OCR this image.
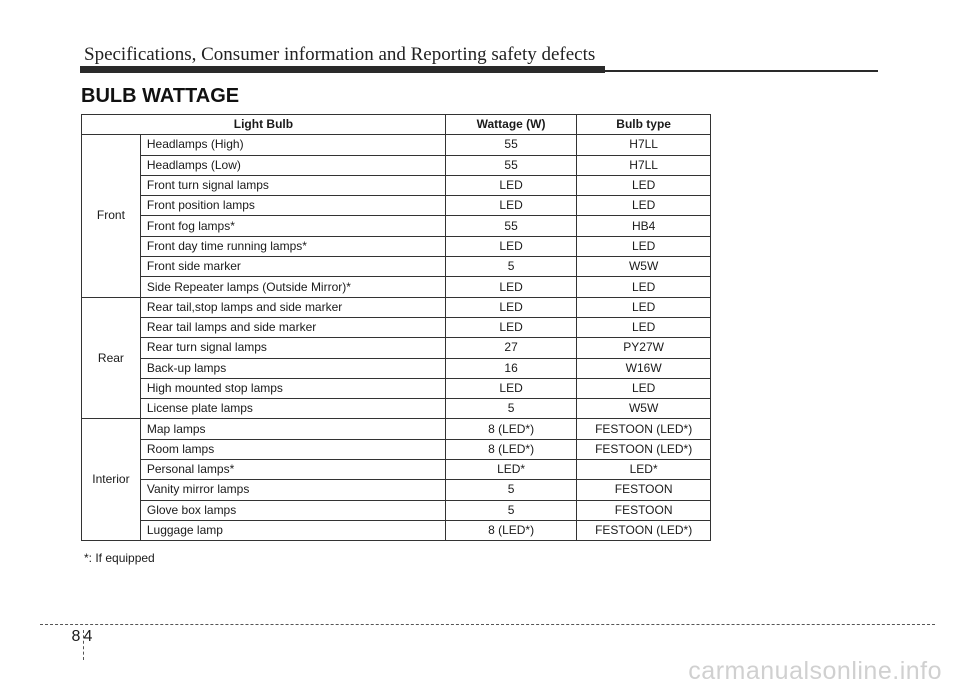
Specifications, Consumer information and Reporting safety defects
BULB WATTAGE
Light Bulb		Wattage (W)	Bulb type
Front	Headlamps (High)	55	H7LL
	Headlamps (Low)	55	H7LL
	Front turn signal lamps	LED	LED
	Front position lamps	LED	LED
	Front fog lamps*	55	HB4
	Front day time running lamps*	LED	LED
	Front side marker	5	W5W
	Side Repeater lamps (Outside Mirror)*	LED	LED
Rear	Rear tail,stop lamps and side marker	LED	LED
	Rear tail lamps and side marker	LED	LED
	Rear turn signal lamps	27	PY27W
	Back-up lamps	16	W16W
	High mounted stop lamps	LED	LED
	License plate lamps	5	W5W
Interior	Map lamps	8 (LED*)	FESTOON (LED*)
	Room lamps	8 (LED*)	FESTOON (LED*)
	Personal lamps*	LED*	LED*
	Vanity mirror lamps	5	FESTOON
	Glove box lamps	5	FESTOON
	Luggage lamp	8 (LED*)	FESTOON (LED*)
*: If equipped
8 4
carmanualsonline.info
